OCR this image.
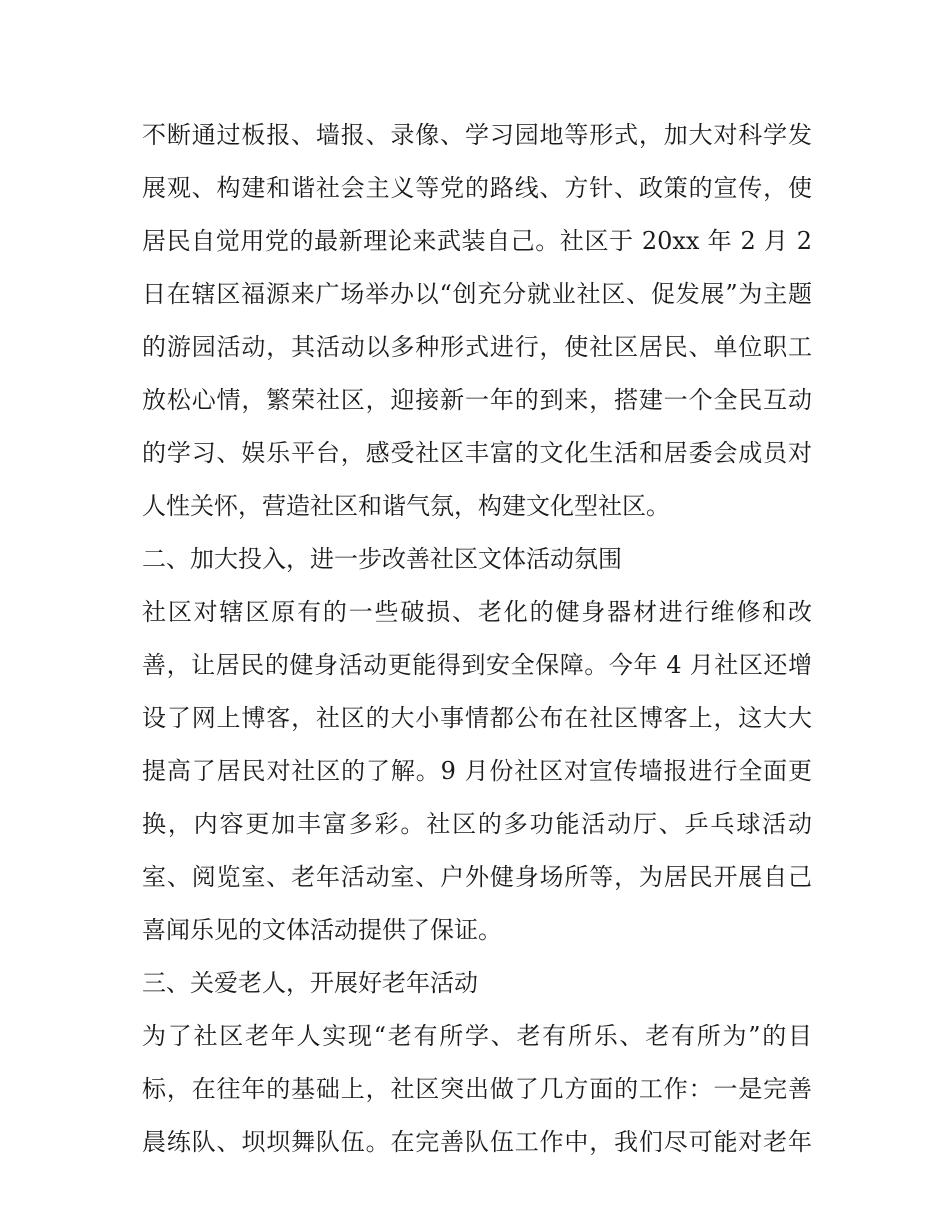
不断通过板报、墙报、录像、学习园地等形式，加大对科学发
展观、构建和谐社会主义等党的路线、方针、政策的宣传，使
居民自觉用党的最新理论来武装自己。社区于 20xx 年 2 月 2
日在辖区福源来广场举办以“创充分就业社区、促发展”为主题
的游园活动，其活动以多种形式进行，使社区居民、单位职工
放松心情，繁荣社区，迎接新一年的到来，搭建一个全民互动
的学习、娱乐平台，感受社区丰富的文化生活和居委会成员对
人性关怀，营造社区和谐气氛，构建文化型社区。
二、加大投入，进一步改善社区文体活动氛围
社区对辖区原有的一些破损、老化的健身器材进行维修和改
善，让居民的健身活动更能得到安全保障。今年 4 月社区还增
设了网上博客，社区的大小事情都公布在社区博客上，这大大
提高了居民对社区的了解。9 月份社区对宣传墙报进行全面更
换，内容更加丰富多彩。社区的多功能活动厅、乒乓球活动
室、阅览室、老年活动室、户外健身场所等，为居民开展自己
喜闻乐见的文体活动提供了保证。
三、关爱老人，开展好老年活动
为了社区老年人实现“老有所学、老有所乐、老有所为”的目
标，在往年的基础上，社区突出做了几方面的工作：一是完善
晨练队、坝坝舞队伍。在完善队伍工作中，我们尽可能对老年
